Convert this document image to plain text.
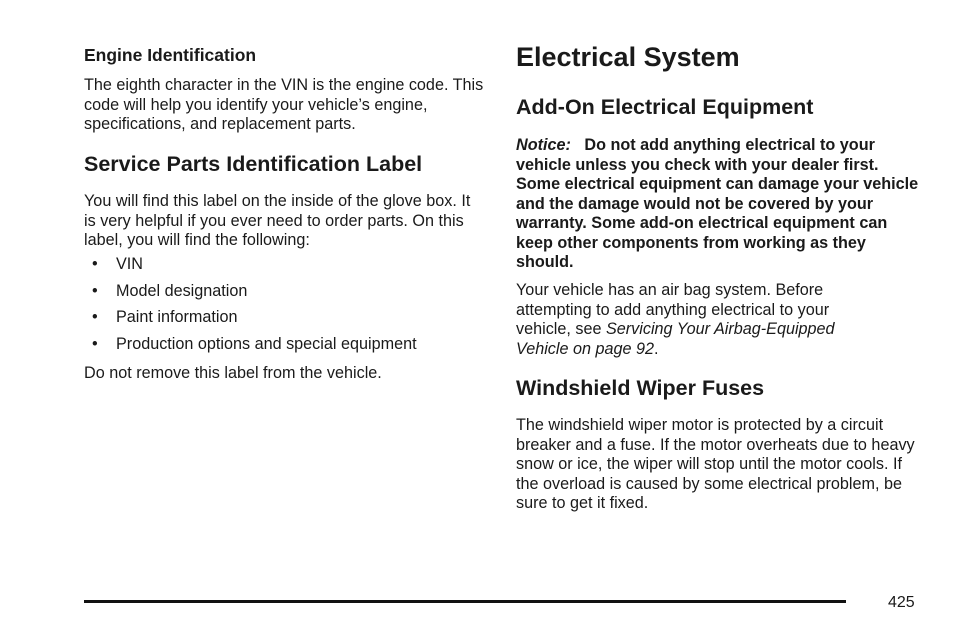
Engine Identification

The eighth character in the VIN is the engine code. This code will help you identify your vehicle’s engine, specifications, and replacement parts.

Service Parts Identification Label

You will find this label on the inside of the glove box. It is very helpful if you ever need to order parts. On this label, you will find the following:

• VIN
• Model designation
• Paint information
• Production options and special equipment

Do not remove this label from the vehicle.

Electrical System

Add-On Electrical Equipment

Notice: Do not add anything electrical to your vehicle unless you check with your dealer first. Some electrical equipment can damage your vehicle and the damage would not be covered by your warranty. Some add-on electrical equipment can keep other components from working as they should.

Your vehicle has an air bag system. Before attempting to add anything electrical to your vehicle, see Servicing Your Airbag-Equipped Vehicle on page 92.

Windshield Wiper Fuses

The windshield wiper motor is protected by a circuit breaker and a fuse. If the motor overheats due to heavy snow or ice, the wiper will stop until the motor cools. If the overload is caused by some electrical problem, be sure to get it fixed.

425
